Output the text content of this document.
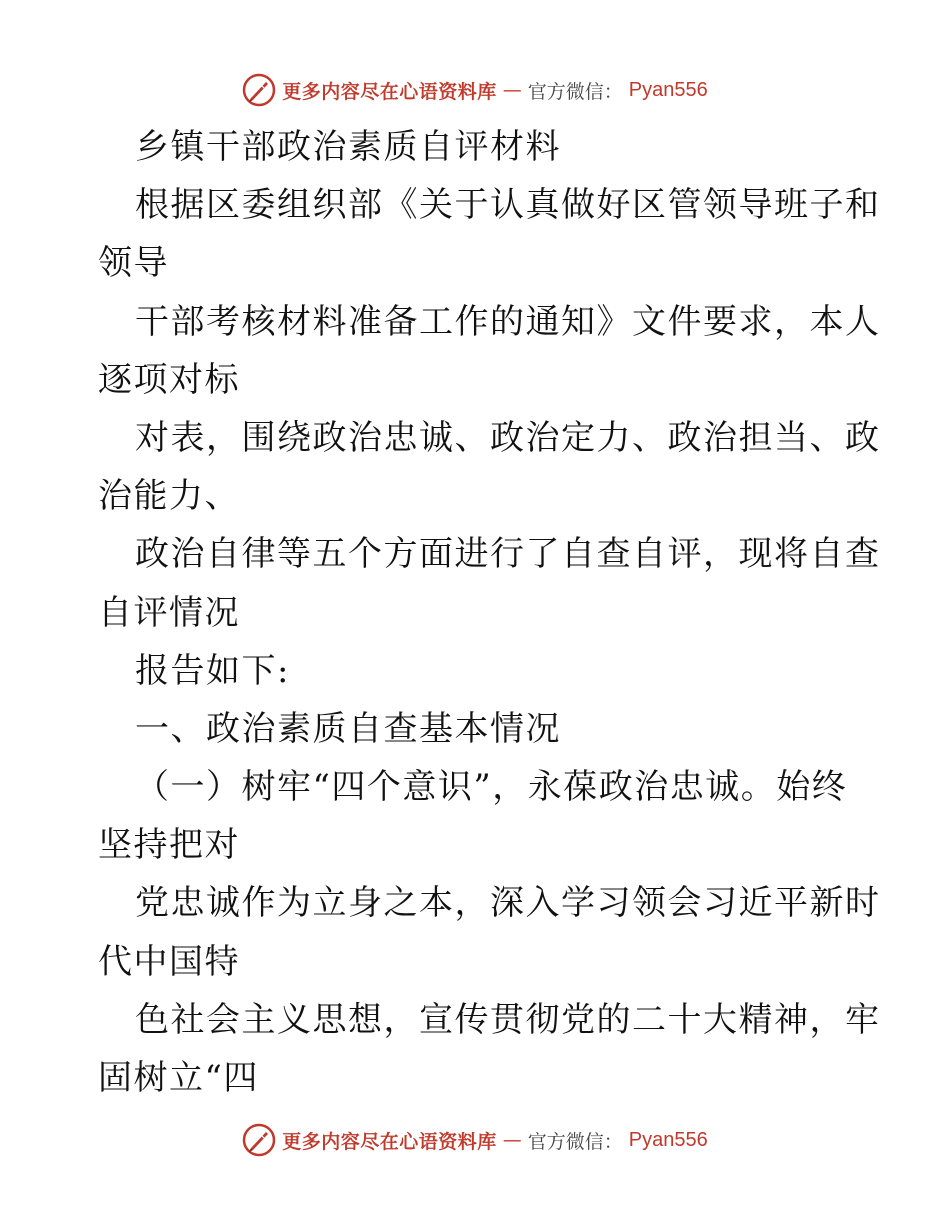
更多内容尽在心语资料库 — 官方微信： Pyan556
乡镇干部政治素质自评材料
根据区委组织部《关于认真做好区管领导班子和
领导
干部考核材料准备工作的通知》文件要求，本人
逐项对标
对表，围绕政治忠诚、政治定力、政治担当、政
治能力、
政治自律等五个方面进行了自查自评，现将自查
自评情况
报告如下:
一、政治素质自查基本情况
（一）树牢“四个意识”，永葆政治忠诚。始终
坚持把对
党忠诚作为立身之本，深入学习领会习近平新时
代中国特
色社会主义思想，宣传贯彻党的二十大精神，牢
固树立“四
更多内容尽在心语资料库 — 官方微信： Pyan556
